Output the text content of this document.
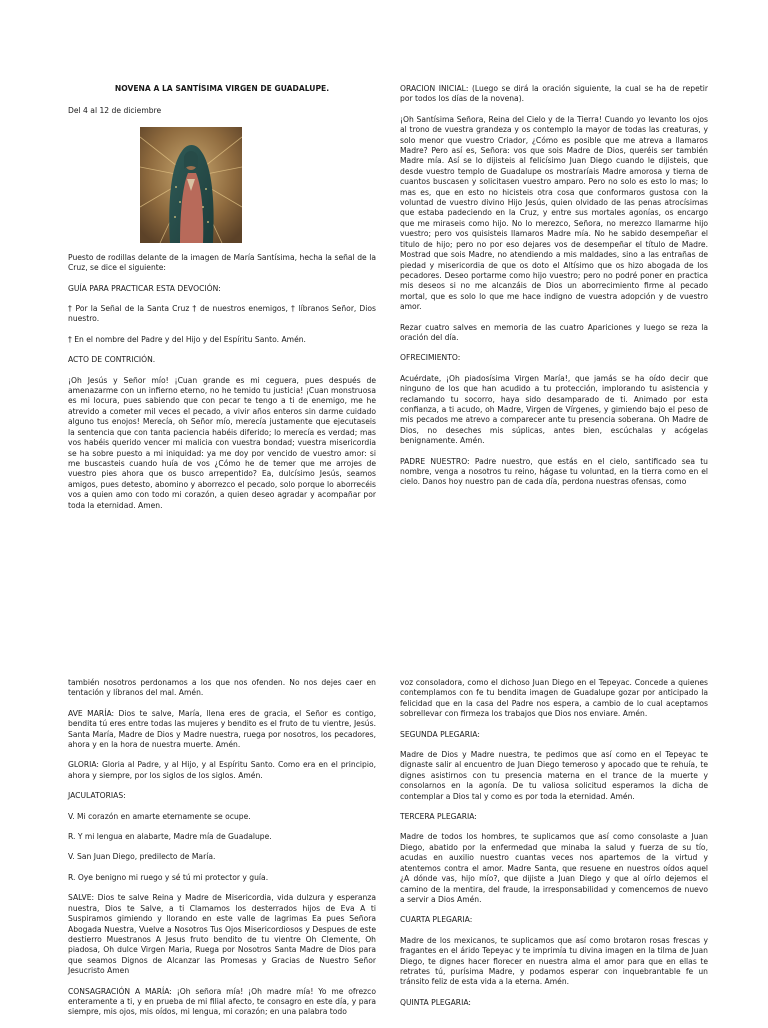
NOVENA A LA SANTÍSIMA VIRGEN DE GUADALUPE.

Del 4 al 12 de diciembre

Puesto de rodillas delante de la imagen de María Santísima, hecha la señal de la Cruz, se dice el siguiente:

GUÍA PARA PRACTICAR ESTA DEVOCIÓN:

† Por la Señal de la Santa Cruz † de nuestros enemigos, † líbranos Señor, Dios nuestro.

† En el nombre del Padre y del Hijo y del Espíritu Santo. Amén.

ACTO DE CONTRICIÓN.

¡Oh Jesús y Señor mío! ¡Cuan grande es mi ceguera, pues después de amenazarme con un infierno eterno, no he temido tu justicia! ¡Cuan monstruosa es mi locura, pues sabiendo que con pecar te tengo a ti de enemigo, me he atrevido a cometer mil veces el pecado, a vivir años enteros sin darme cuidado alguno tus enojos! Merecía, oh Señor mío, merecía justamente que ejecutaseis la sentencia que con tanta paciencia habéis diferido; lo merecía es verdad; mas vos habéis querido vencer mi malicia con vuestra bondad; vuestra misericordia se ha sobre puesto a mi iniquidad: ya me doy por vencido de vuestro amor: si me buscasteis cuando huía de vos ¿Cómo he de temer que me arrojes de vuestro pies ahora que os busco arrepentido? Ea, dulcísimo Jesús, seamos amigos, pues detesto, abomino y aborrezco el pecado, solo porque lo aborrecéis vos a quien amo con todo mi corazón, a quien deseo agradar y acompañar por toda la eternidad. Amen.

ORACION INICIAL: (Luego se dirá la oración siguiente, la cual se ha de repetir por todos los días de la novena).

¡Oh Santísima Señora, Reina del Cielo y de la Tierra! Cuando yo levanto los ojos al trono de vuestra grandeza y os contemplo la mayor de todas las creaturas, y solo menor que vuestro Criador, ¿Cómo es posible que me atreva a llamaros Madre? Pero así es, Señora: vos que sois Madre de Dios, queréis ser también Madre mía. Así se lo dijisteis al felicísimo Juan Diego cuando le dijisteis, que desde vuestro templo de Guadalupe os mostraríais Madre amorosa y tierna de cuantos buscasen y solicitasen vuestro amparo. Pero no solo es esto lo mas; lo mas es, que en esto no hicisteis otra cosa que conformaros gustosa con la voluntad de vuestro divino Hijo Jesús, quien olvidado de las penas atrocísimas que estaba padeciendo en la Cruz, y entre sus mortales agonías, os encargo que me miraseis como hijo. No lo merezco, Señora, no merezco llamarme hijo vuestro; pero vos quisisteis llamaros Madre mía. No he sabido desempeñar el titulo de hijo; pero no por eso dejares vos de desempeñar el título de Madre. Mostrad que sois Madre, no atendiendo a mis maldades, sino a las entrañas de piedad y misericordia de que os doto el Altísimo que os hizo abogada de los pecadores. Deseo portarme como hijo vuestro; pero no podré poner en practica mis deseos si no me alcanzáis de Dios un aborrecimiento firme al pecado mortal, que es solo lo que me hace indigno de vuestra adopción y de vuestro amor.

Rezar cuatro salves en memoria de las cuatro Apariciones y luego se reza la oración del día.

OFRECIMIENTO:

Acuérdate, ¡Oh piadosísima Virgen María!, que jamás se ha oído decir que ninguno de los que han acudido a tu protección, implorando tu asistencia y reclamando tu socorro, haya sido desamparado de ti. Animado por esta confianza, a ti acudo, oh Madre, Virgen de Vírgenes, y gimiendo bajo el peso de mis pecados me atrevo a comparecer ante tu presencia soberana. Oh Madre de Dios, no deseches mis súplicas, antes bien, escúchalas y acógelas benignamente. Amén.

PADRE NUESTRO: Padre nuestro, que estás en el cielo, santificado sea tu nombre, venga a nosotros tu reino, hágase tu voluntad, en la tierra como en el cielo. Danos hoy nuestro pan de cada día, perdona nuestras ofensas, como

también nosotros perdonamos a los que nos ofenden. No nos dejes caer en tentación y líbranos del mal. Amén.

AVE MARÍA: Dios te salve, María, llena eres de gracia, el Señor es contigo, bendita tú eres entre todas las mujeres y bendito es el fruto de tu vientre, Jesús. Santa María, Madre de Dios y Madre nuestra, ruega por nosotros, los pecadores, ahora y en la hora de nuestra muerte. Amén.

GLORIA: Gloria al Padre, y al Hijo, y al Espíritu Santo. Como era en el principio, ahora y siempre, por los siglos de los siglos. Amén.

JACULATORIAS:

V. Mi corazón en amarte eternamente se ocupe.

R. Y mi lengua en alabarte, Madre mía de Guadalupe.

V. San Juan Diego, predilecto de María.

R. Oye benigno mi ruego y sé tú mi protector y guía.

SALVE: Dios te salve Reina y Madre de Misericordia, vida dulzura y esperanza nuestra, Dios te Salve, a ti Clamamos los desterrados hijos de Eva A ti Suspiramos gimiendo y llorando en este valle de lagrimas Ea pues Señora Abogada Nuestra, Vuelve a Nosotros Tus Ojos Misericordiosos y Despues de este destierro Muestranos A Jesus fruto bendito de tu vientre Oh Clemente, Oh piadosa, Oh dulce Virgen Maria, Ruega por Nosotros Santa Madre de Dios para que seamos Dignos de Alcanzar las Promesas y Gracias de Nuestro Señor Jesucristo Amen

CONSAGRACIÓN A MARÍA: ¡Oh señora mía! ¡Oh madre mía! Yo me ofrezco enteramente a ti, y en prueba de mi filial afecto, te consagro en este día, y para siempre, mis ojos, mis oídos, mi lengua, mi corazón; en una palabra todo

voz consoladora, como el dichoso Juan Diego en el Tepeyac. Concede a quienes contemplamos con fe tu bendita imagen de Guadalupe gozar por anticipado la felicidad que en la casa del Padre nos espera, a cambio de lo cual aceptamos sobrellevar con firmeza los trabajos que Dios nos enviare. Amén.

SEGUNDA PLEGARIA:

Madre de Dios y Madre nuestra, te pedimos que así como en el Tepeyac te dignaste salir al encuentro de Juan Diego temeroso y apocado que te rehuía, te dignes asistirnos con tu presencia materna en el trance de la muerte y consolarnos en la agonía. De tu valiosa solicitud esperamos la dicha de contemplar a Dios tal y como es por toda la eternidad. Amén.

TERCERA PLEGARIA:

Madre de todos los hombres, te suplicamos que así como consolaste a Juan Diego, abatido por la enfermedad que minaba la salud y fuerza de su tío, acudas en auxilio nuestro cuantas veces nos apartemos de la virtud y atentemos contra el amor. Madre Santa, que resuene en nuestros oídos aquel ¿A dónde vas, hijo mío?, que dijiste a Juan Diego y que al oírlo dejemos el camino de la mentira, del fraude, la irresponsabilidad y comencemos de nuevo a servir a Dios Amén.

CUARTA PLEGARIA:

Madre de los mexicanos, te suplicamos que así como brotaron rosas frescas y fragantes en el árido Tepeyac y te imprimía tu divina imagen en la tilma de Juan Diego, te dignes hacer florecer en nuestra alma el amor para que en ellas te retrates tú, purísima Madre, y podamos esperar con inquebrantable fe un tránsito feliz de esta vida a la eterna. Amén.

QUINTA PLEGARIA:
